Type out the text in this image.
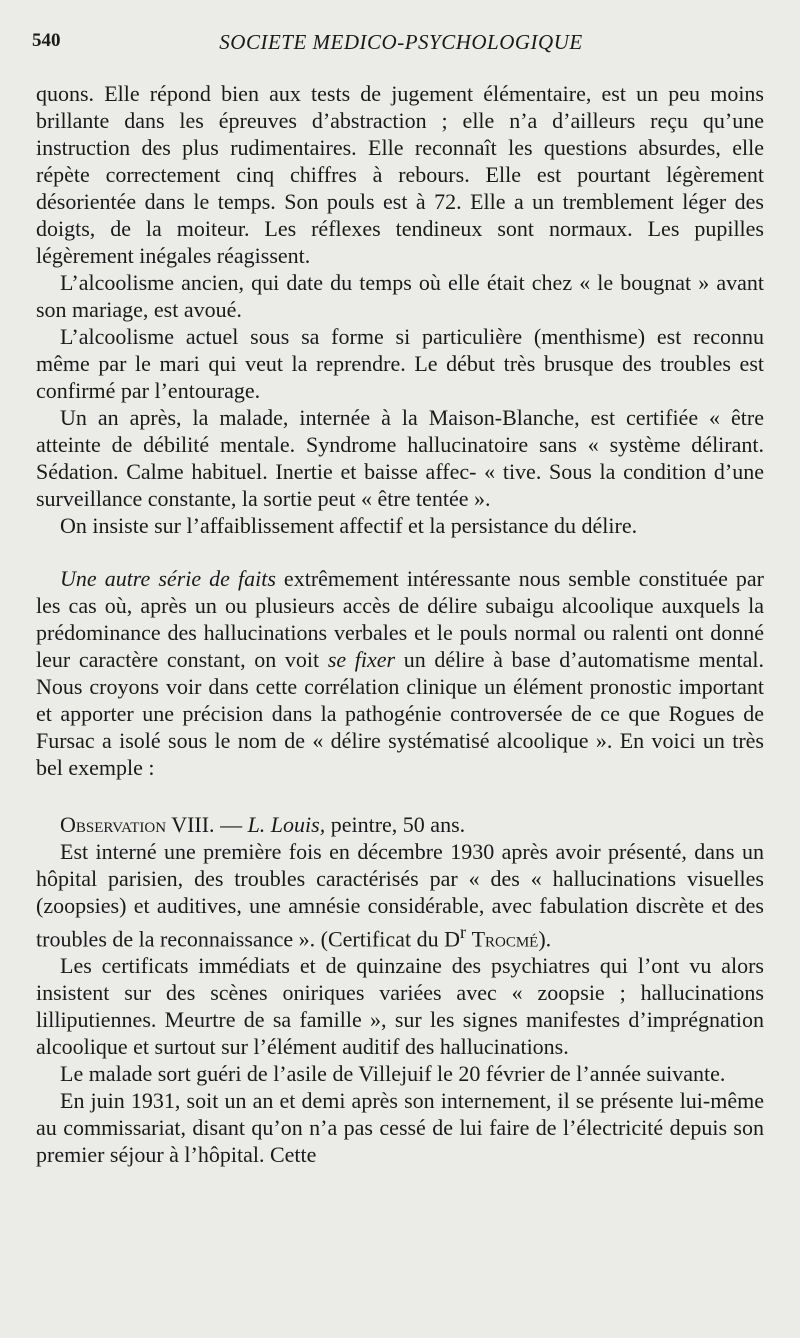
540	SOCIETE MEDICO-PSYCHOLOGIQUE

quons. Elle répond bien aux tests de jugement élémentaire, est un peu moins brillante dans les épreuves d’abstraction ; elle n’a d’ailleurs reçu qu’une instruction des plus rudimentaires. Elle reconnaît les questions absurdes, elle répète correctement cinq chiffres à rebours. Elle est pourtant légèrement désorientée dans le temps. Son pouls est à 72. Elle a un tremblement léger des doigts, de la moiteur. Les réflexes tendineux sont normaux. Les pupilles légèrement inégales réagissent.

L’alcoolisme ancien, qui date du temps où elle était chez « le bougnat » avant son mariage, est avoué.

L’alcoolisme actuel sous sa forme si particulière (menthisme) est reconnu même par le mari qui veut la reprendre. Le début très brusque des troubles est confirmé par l’entourage.

Un an après, la malade, internée à la Maison-Blanche, est certifiée « être atteinte de débilité mentale. Syndrome hallucinatoire sans « système délirant. Sédation. Calme habituel. Inertie et baisse affec- « tive. Sous la condition d’une surveillance constante, la sortie peut « être tentée ».

On insiste sur l’affaiblissement affectif et la persistance du délire.

Une autre série de faits extrêmement intéressante nous semble constituée par les cas où, après un ou plusieurs accès de délire subaigu alcoolique auxquels la prédominance des hallucinations verbales et le pouls normal ou ralenti ont donné leur caractère constant, on voit se fixer un délire à base d’automatisme mental. Nous croyons voir dans cette corrélation clinique un élément pronostic important et apporter une précision dans la pathogénie controversée de ce que Rogues de Fursac a isolé sous le nom de « délire systématisé alcoolique ». En voici un très bel exemple :

Observation VIII. — L. Louis, peintre, 50 ans.

Est interné une première fois en décembre 1930 après avoir présenté, dans un hôpital parisien, des troubles caractérisés par « des « hallucinations visuelles (zoopsies) et auditives, une amnésie considérable, avec fabulation discrète et des troubles de la reconnaissance ». (Certificat du $D^r$ Trocmé).

Les certificats immédiats et de quinzaine des psychiatres qui l’ont vu alors insistent sur des scènes oniriques variées avec « zoopsie ; hallucinations lilliputiennes. Meurtre de sa famille », sur les signes manifestes d’imprégnation alcoolique et surtout sur l’élément auditif des hallucinations.

Le malade sort guéri de l’asile de Villejuif le 20 février de l’année suivante.

En juin 1931, soit un an et demi après son internement, il se présente lui-même au commissariat, disant qu’on n’a pas cessé de lui faire de l’électricité depuis son premier séjour à l’hôpital. Cette
